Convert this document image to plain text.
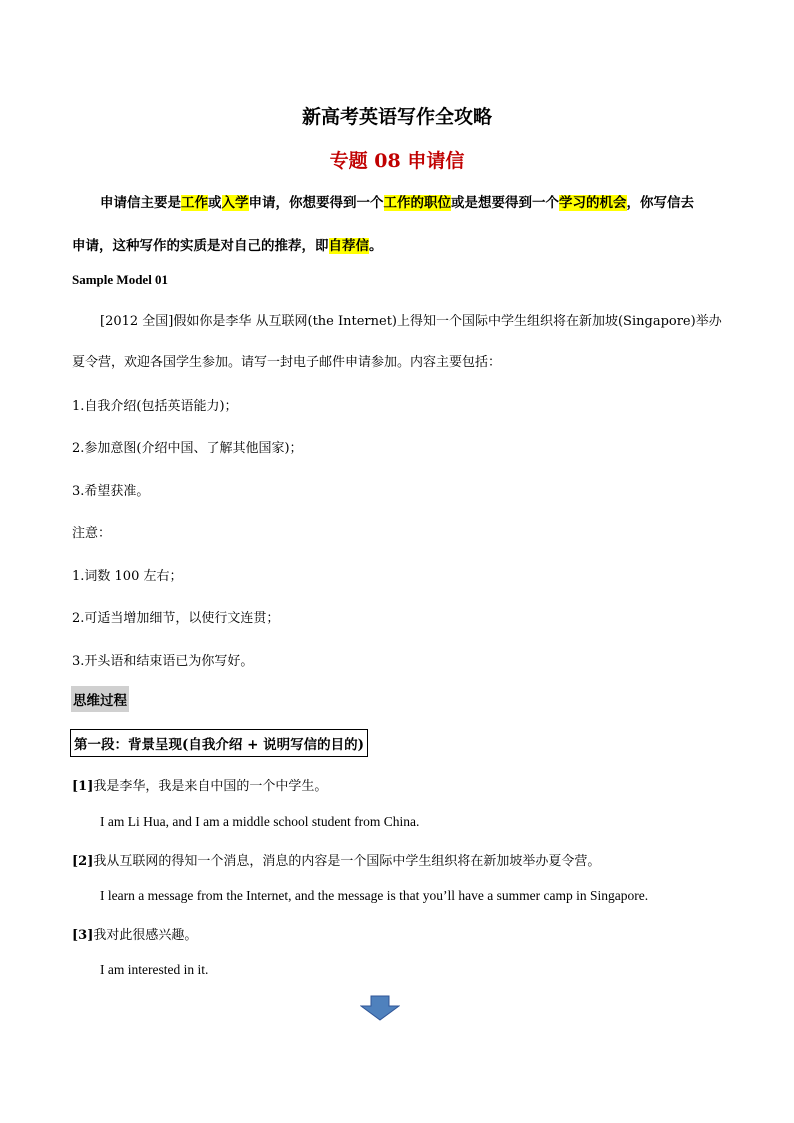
新高考英语写作全攻略
专题 08 申请信
申请信主要是工作或入学申请，你想要得到一个工作的职位或是想要得到一个学习的机会，你写信去
申请，这种写作的实质是对自己的推荐，即自荐信。
Sample Model 01
[2012 全国]假如你是李华 从互联网(the Internet)上得知一个国际中学生组织将在新加坡(Singapore)举办
夏令营，欢迎各国学生参加。请写一封电子邮件申请参加。内容主要包括：
1.自我介绍(包括英语能力)；
2.参加意图(介绍中国、了解其他国家)；
3.希望获准。
注意：
1.词数 100 左右；
2.可适当增加细节，以使行文连贯；
3.开头语和结束语已为你写好。
思维过程
第一段：背景呈现(自我介绍 + 说明写信的目的)
[1]我是李华，我是来自中国的一个中学生。
I am Li Hua, and I am a middle school student from China.
[2]我从互联网的得知一个消息，消息的内容是一个国际中学生组织将在新加坡举办夏令营。
I learn a message from the Internet, and the message is that you’ll have a summer camp in Singapore.
[3]我对此很感兴趣。
I am interested in it.
